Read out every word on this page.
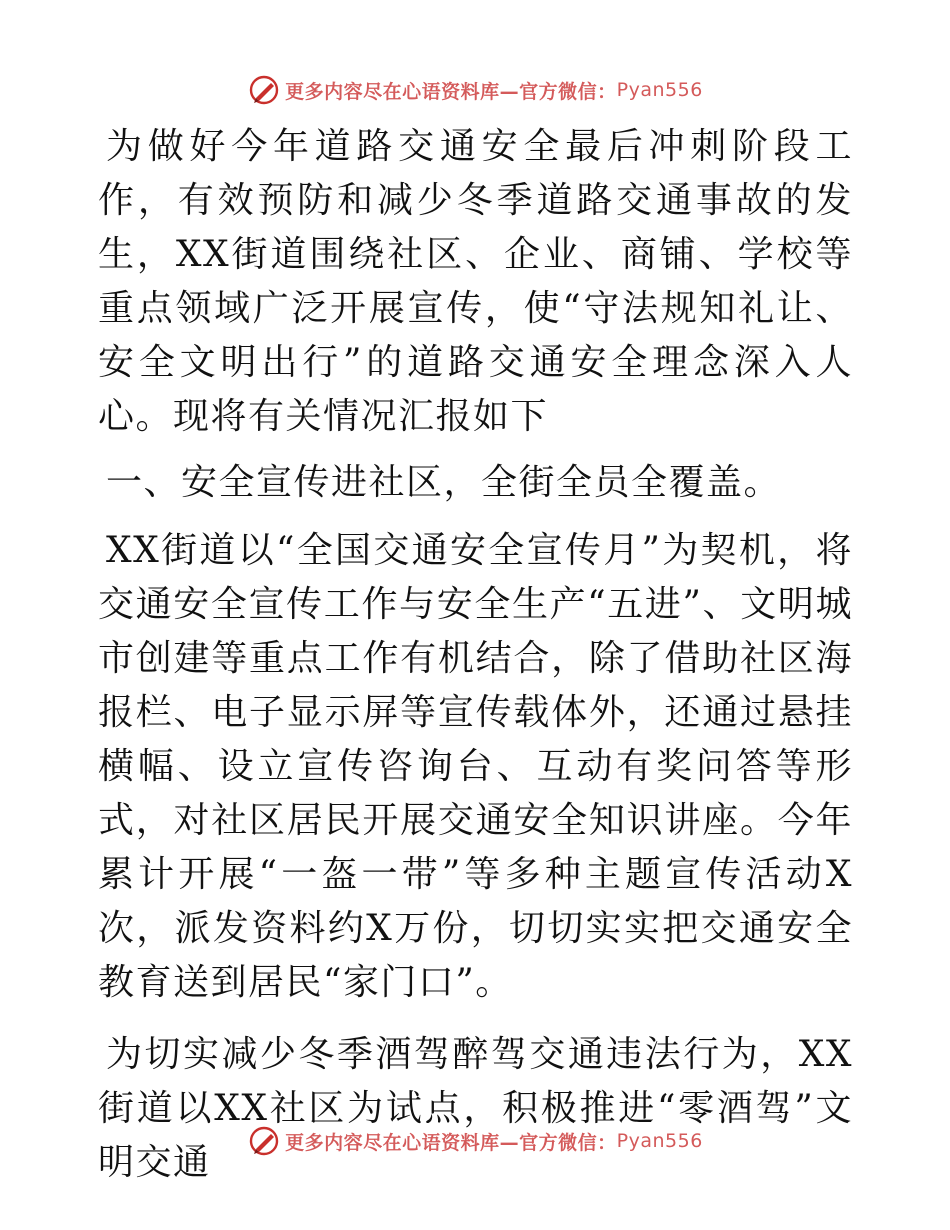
更多内容尽在心语资料库—官方微信： Pyan556

为做好今年道路交通安全最后冲刺阶段工作，有效预防和减少冬季道路交通事故的发生，XX街道围绕社区、企业、商铺、学校等重点领域广泛开展宣传，使“守法规知礼让、安全文明出行”的道路交通安全理念深入人心。现将有关情况汇报如下

一、安全宣传进社区，全街全员全覆盖。

XX街道以“全国交通安全宣传月”为契机，将交通安全宣传工作与安全生产“五进”、文明城市创建等重点工作有机结合，除了借助社区海报栏、电子显示屏等宣传载体外，还通过悬挂横幅、设立宣传咨询台、互动有奖问答等形式，对社区居民开展交通安全知识讲座。今年累计开展“一盔一带”等多种主题宣传活动X次，派发资料约X万份，切切实实把交通安全教育送到居民“家门口”。

为切实减少冬季酒驾醉驾交通违法行为，XX街道以XX社区为试点，积极推进“零酒驾”文明交通	更多内容尽在心语资料库—官方微信： Pyan556
